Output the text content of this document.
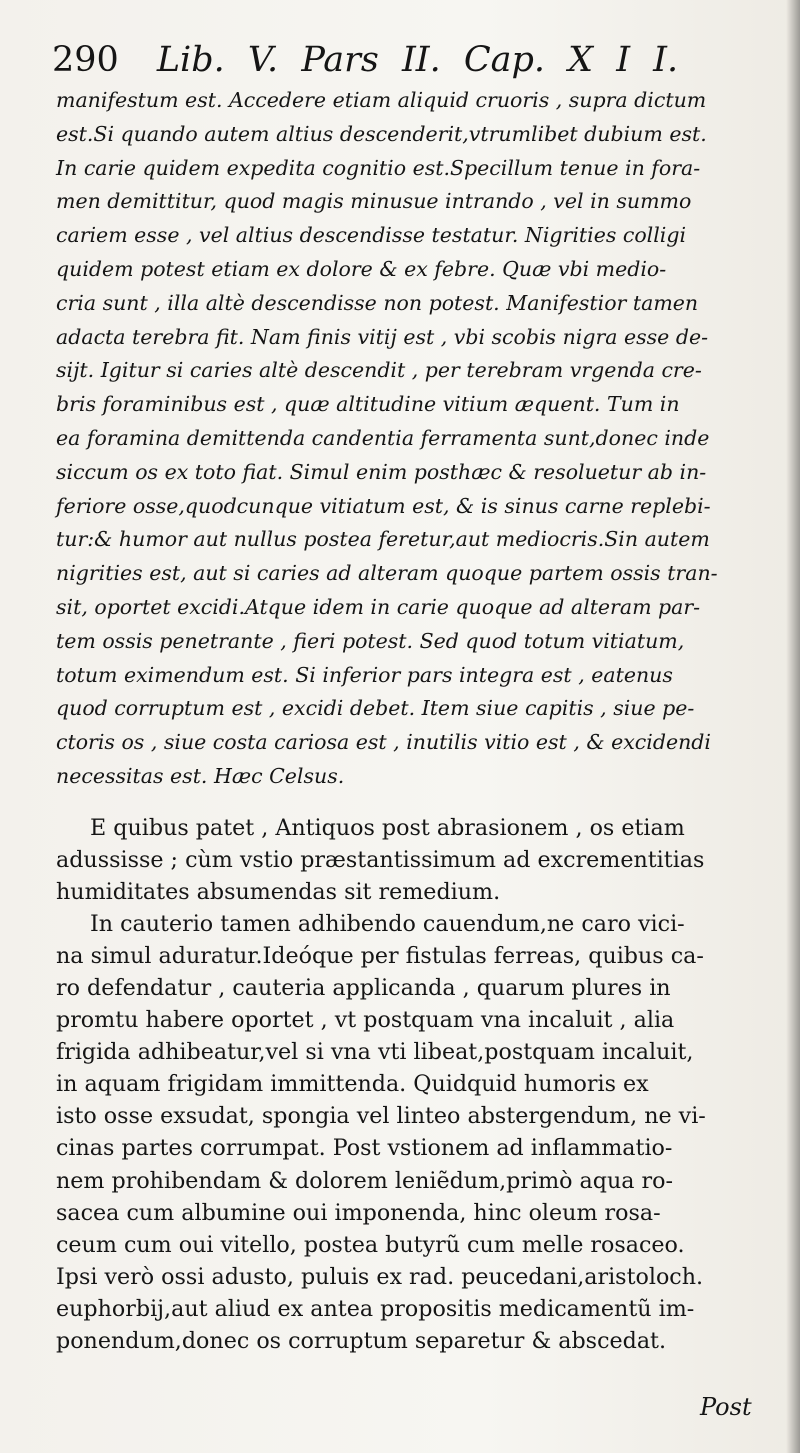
290 Lib. V. Pars II. Cap. X I I.
manifestum est. Accedere etiam aliquid cruoris , supra dictum
est.Si quando autem altius descenderit,vtrumlibet dubium est.
In carie quidem expedita cognitio est.Specillum tenue in fora-
men demittitur, quod magis minusue intrando , vel in summo
cariem esse , vel altius descendisse testatur. Nigrities colligi
quidem potest etiam ex dolore & ex febre. Quæ vbi medio-
cria sunt , illa altè descendisse non potest. Manifestior tamen
adacta terebra fit. Nam finis vitij est , vbi scobis nigra esse de-
sijt. Igitur si caries altè descendit , per terebram vrgenda cre-
bris foraminibus est , quæ altitudine vitium æquent. Tum in
ea foramina demittenda candentia ferramenta sunt,donec inde
siccum os ex toto fiat. Simul enim posthæc & resoluetur ab in-
feriore osse,quodcunque vitiatum est, & is sinus carne replebi-
tur:& humor aut nullus postea feretur,aut mediocris.Sin autem
nigrities est, aut si caries ad alteram quoque partem ossis tran-
sit, oportet excidi.Atque idem in carie quoque ad alteram par-
tem ossis penetrante , fieri potest. Sed quod totum vitiatum,
totum eximendum est. Si inferior pars integra est , eatenus
quod corruptum est , excidi debet. Item siue capitis , siue pe-
ctoris os , siue costa cariosa est , inutilis vitio est , & excidendi
necessitas est. Hæc Celsus.
E quibus patet , Antiquos post abrasionem , os etiam
adussisse ; cùm vstio præstantissimum ad excrementitias
humiditates absumendas sit remedium.
In cauterio tamen adhibendo cauendum,ne caro vici-
na simul aduratur.Ideóque per fistulas ferreas, quibus ca-
ro defendatur , cauteria applicanda , quarum plures in
promtu habere oportet , vt postquam vna incaluit , alia
frigida adhibeatur,vel si vna vti libeat,postquam incaluit,
in aquam frigidam immittenda. Quidquid humoris ex
isto osse exsudat, spongia vel linteo abstergendum, ne vi-
cinas partes corrumpat. Post vstionem ad inflammatio-
nem prohibendam & dolorem leniẽdum,primò aqua ro-
sacea cum albumine oui imponenda, hinc oleum rosa-
ceum cum oui vitello, postea butyrũ cum melle rosaceo.
Ipsi verò ossi adusto, puluis ex rad. peucedani,aristoloch.
euphorbij,aut aliud ex antea propositis medicamentũ im-
ponendum,donec os corruptum separetur & abscedat.
Post
